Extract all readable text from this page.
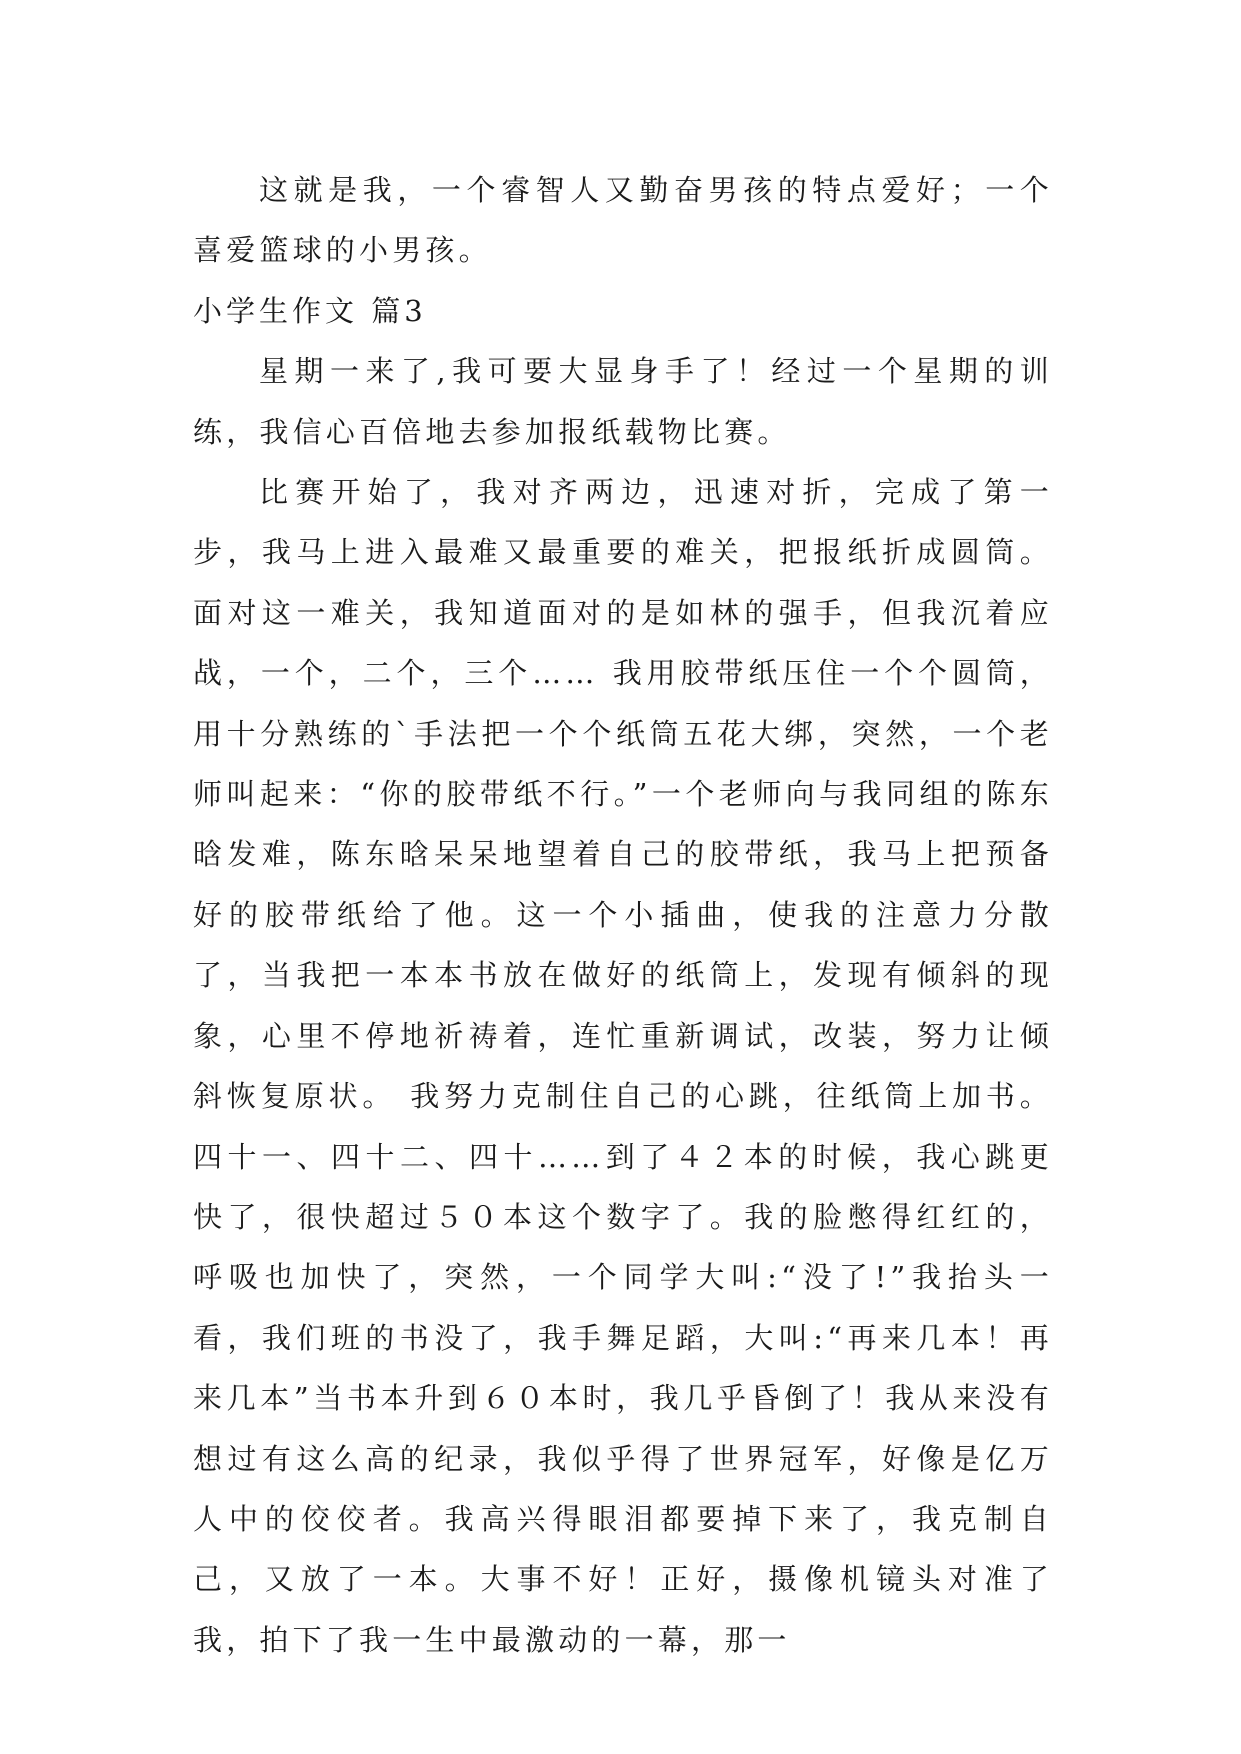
这就是我，一个睿智人又勤奋男孩的特点爱好；一个喜爱篮球的小男孩。

小学生作文 篇3

星期一来了,我可要大显身手了！经过一个星期的训练，我信心百倍地去参加报纸载物比赛。

比赛开始了，我对齐两边，迅速对折，完成了第一步，我马上进入最难又最重要的难关，把报纸折成圆筒。面对这一难关，我知道面对的是如林的强手，但我沉着应战，一个，二个，三个…… 我用胶带纸压住一个个圆筒，用十分熟练的`手法把一个个纸筒五花大绑，突然，一个老师叫起来：“你的胶带纸不行。”一个老师向与我同组的陈东晗发难，陈东晗呆呆地望着自己的胶带纸，我马上把预备好的胶带纸给了他。这一个小插曲，使我的注意力分散了，当我把一本本书放在做好的纸筒上，发现有倾斜的现象，心里不停地祈祷着，连忙重新调试，改装，努力让倾斜恢复原状。 我努力克制住自己的心跳，往纸筒上加书。四十一、四十二、四十……到了４２本的时候，我心跳更快了，很快超过５０本这个数字了。我的脸憋得红红的，呼吸也加快了，突然，一个同学大叫:“没了!”我抬头一看，我们班的书没了，我手舞足蹈，大叫:“再来几本！再来几本”当书本升到６０本时，我几乎昏倒了！我从来没有想过有这么高的纪录，我似乎得了世界冠军，好像是亿万人中的佼佼者。我高兴得眼泪都要掉下来了，我克制自己，又放了一本。大事不好！正好，摄像机镜头对准了我，拍下了我一生中最激动的一幕，那一
